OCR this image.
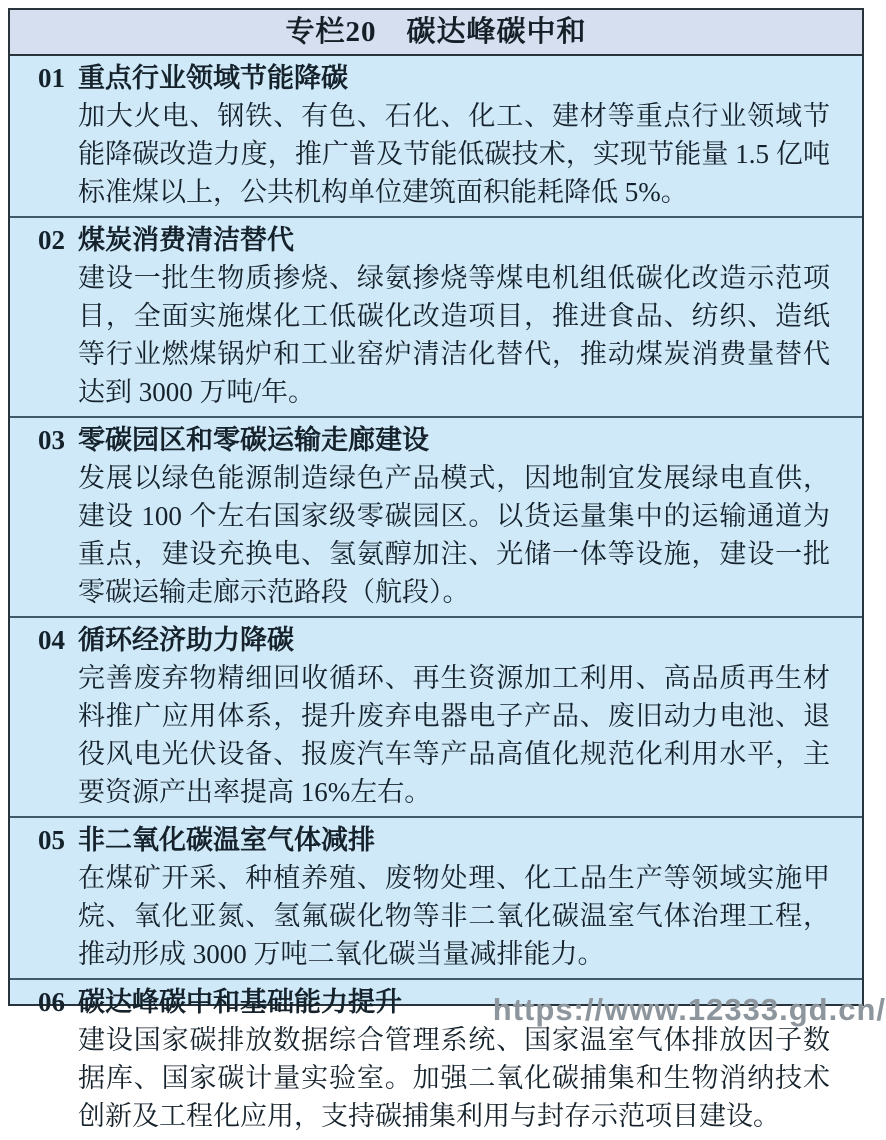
专栏20　碳达峰碳中和
01 重点行业领域节能降碳

加大火电、钢铁、有色、石化、化工、建材等重点行业领域节能降碳改造力度，推广普及节能低碳技术，实现节能量 1.5 亿吨标准煤以上，公共机构单位建筑面积能耗降低 5%。

02 煤炭消费清洁替代

建设一批生物质掺烧、绿氨掺烧等煤电机组低碳化改造示范项目，全面实施煤化工低碳化改造项目，推进食品、纺织、造纸等行业燃煤锅炉和工业窑炉清洁化替代，推动煤炭消费量替代达到 3000 万吨/年。

03 零碳园区和零碳运输走廊建设

发展以绿色能源制造绿色产品模式，因地制宜发展绿电直供，建设 100 个左右国家级零碳园区。以货运量集中的运输通道为重点，建设充换电、氢氨醇加注、光储一体等设施，建设一批零碳运输走廊示范路段（航段）。

04 循环经济助力降碳

完善废弃物精细回收循环、再生资源加工利用、高品质再生材料推广应用体系，提升废弃电器电子产品、废旧动力电池、退役风电光伏设备、报废汽车等产品高值化规范化利用水平，主要资源产出率提高 16%左右。

05 非二氧化碳温室气体减排

在煤矿开采、种植养殖、废物处理、化工品生产等领域实施甲烷、氧化亚氮、氢氟碳化物等非二氧化碳温室气体治理工程，推动形成 3000 万吨二氧化碳当量减排能力。

06 碳达峰碳中和基础能力提升

建设国家碳排放数据综合管理系统、国家温室气体排放因子数据库、国家碳计量实验室。加强二氧化碳捕集和生物消纳技术创新及工程化应用，支持碳捕集利用与封存示范项目建设。

https://www.12333.gd.cn/
